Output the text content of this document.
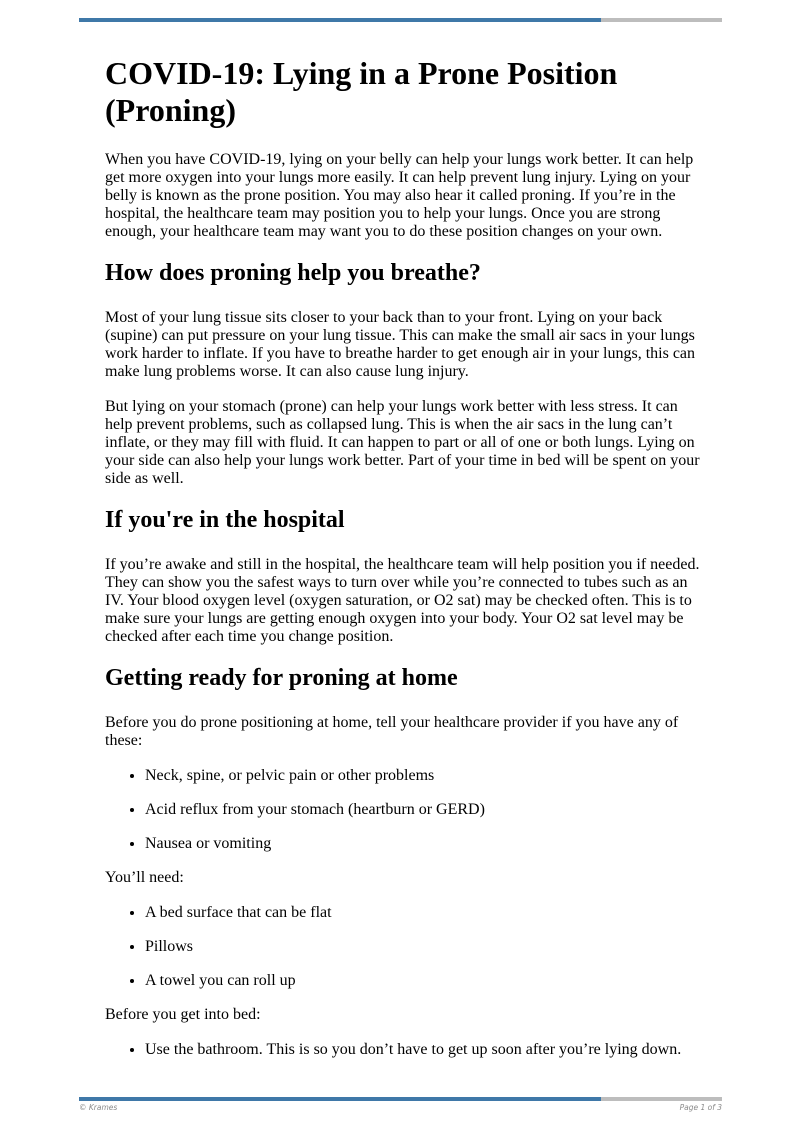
COVID-19: Lying in a Prone Position (Proning)

When you have COVID-19, lying on your belly can help your lungs work better. It can help get more oxygen into your lungs more easily. It can help prevent lung injury. Lying on your belly is known as the prone position. You may also hear it called proning. If you’re in the hospital, the healthcare team may position you to help your lungs. Once you are strong enough, your healthcare team may want you to do these position changes on your own.

How does proning help you breathe?

Most of your lung tissue sits closer to your back than to your front. Lying on your back (supine) can put pressure on your lung tissue. This can make the small air sacs in your lungs work harder to inflate. If you have to breathe harder to get enough air in your lungs, this can make lung problems worse. It can also cause lung injury.

But lying on your stomach (prone) can help your lungs work better with less stress. It can help prevent problems, such as collapsed lung. This is when the air sacs in the lung can’t inflate, or they may fill with fluid. It can happen to part or all of one or both lungs. Lying on your side can also help your lungs work better. Part of your time in bed will be spent on your side as well.

If you're in the hospital

If you’re awake and still in the hospital, the healthcare team will help position you if needed. They can show you the safest ways to turn over while you’re connected to tubes such as an IV. Your blood oxygen level (oxygen saturation, or O2 sat) may be checked often. This is to make sure your lungs are getting enough oxygen into your body. Your O2 sat level may be checked after each time you change position.

Getting ready for proning at home

Before you do prone positioning at home, tell your healthcare provider if you have any of these:

• Neck, spine, or pelvic pain or other problems
• Acid reflux from your stomach (heartburn or GERD)
• Nausea or vomiting

You’ll need:

• A bed surface that can be flat
• Pillows
• A towel you can roll up

Before you get into bed:

• Use the bathroom. This is so you don’t have to get up soon after you’re lying down.
© Krames	Page 1 of 3
